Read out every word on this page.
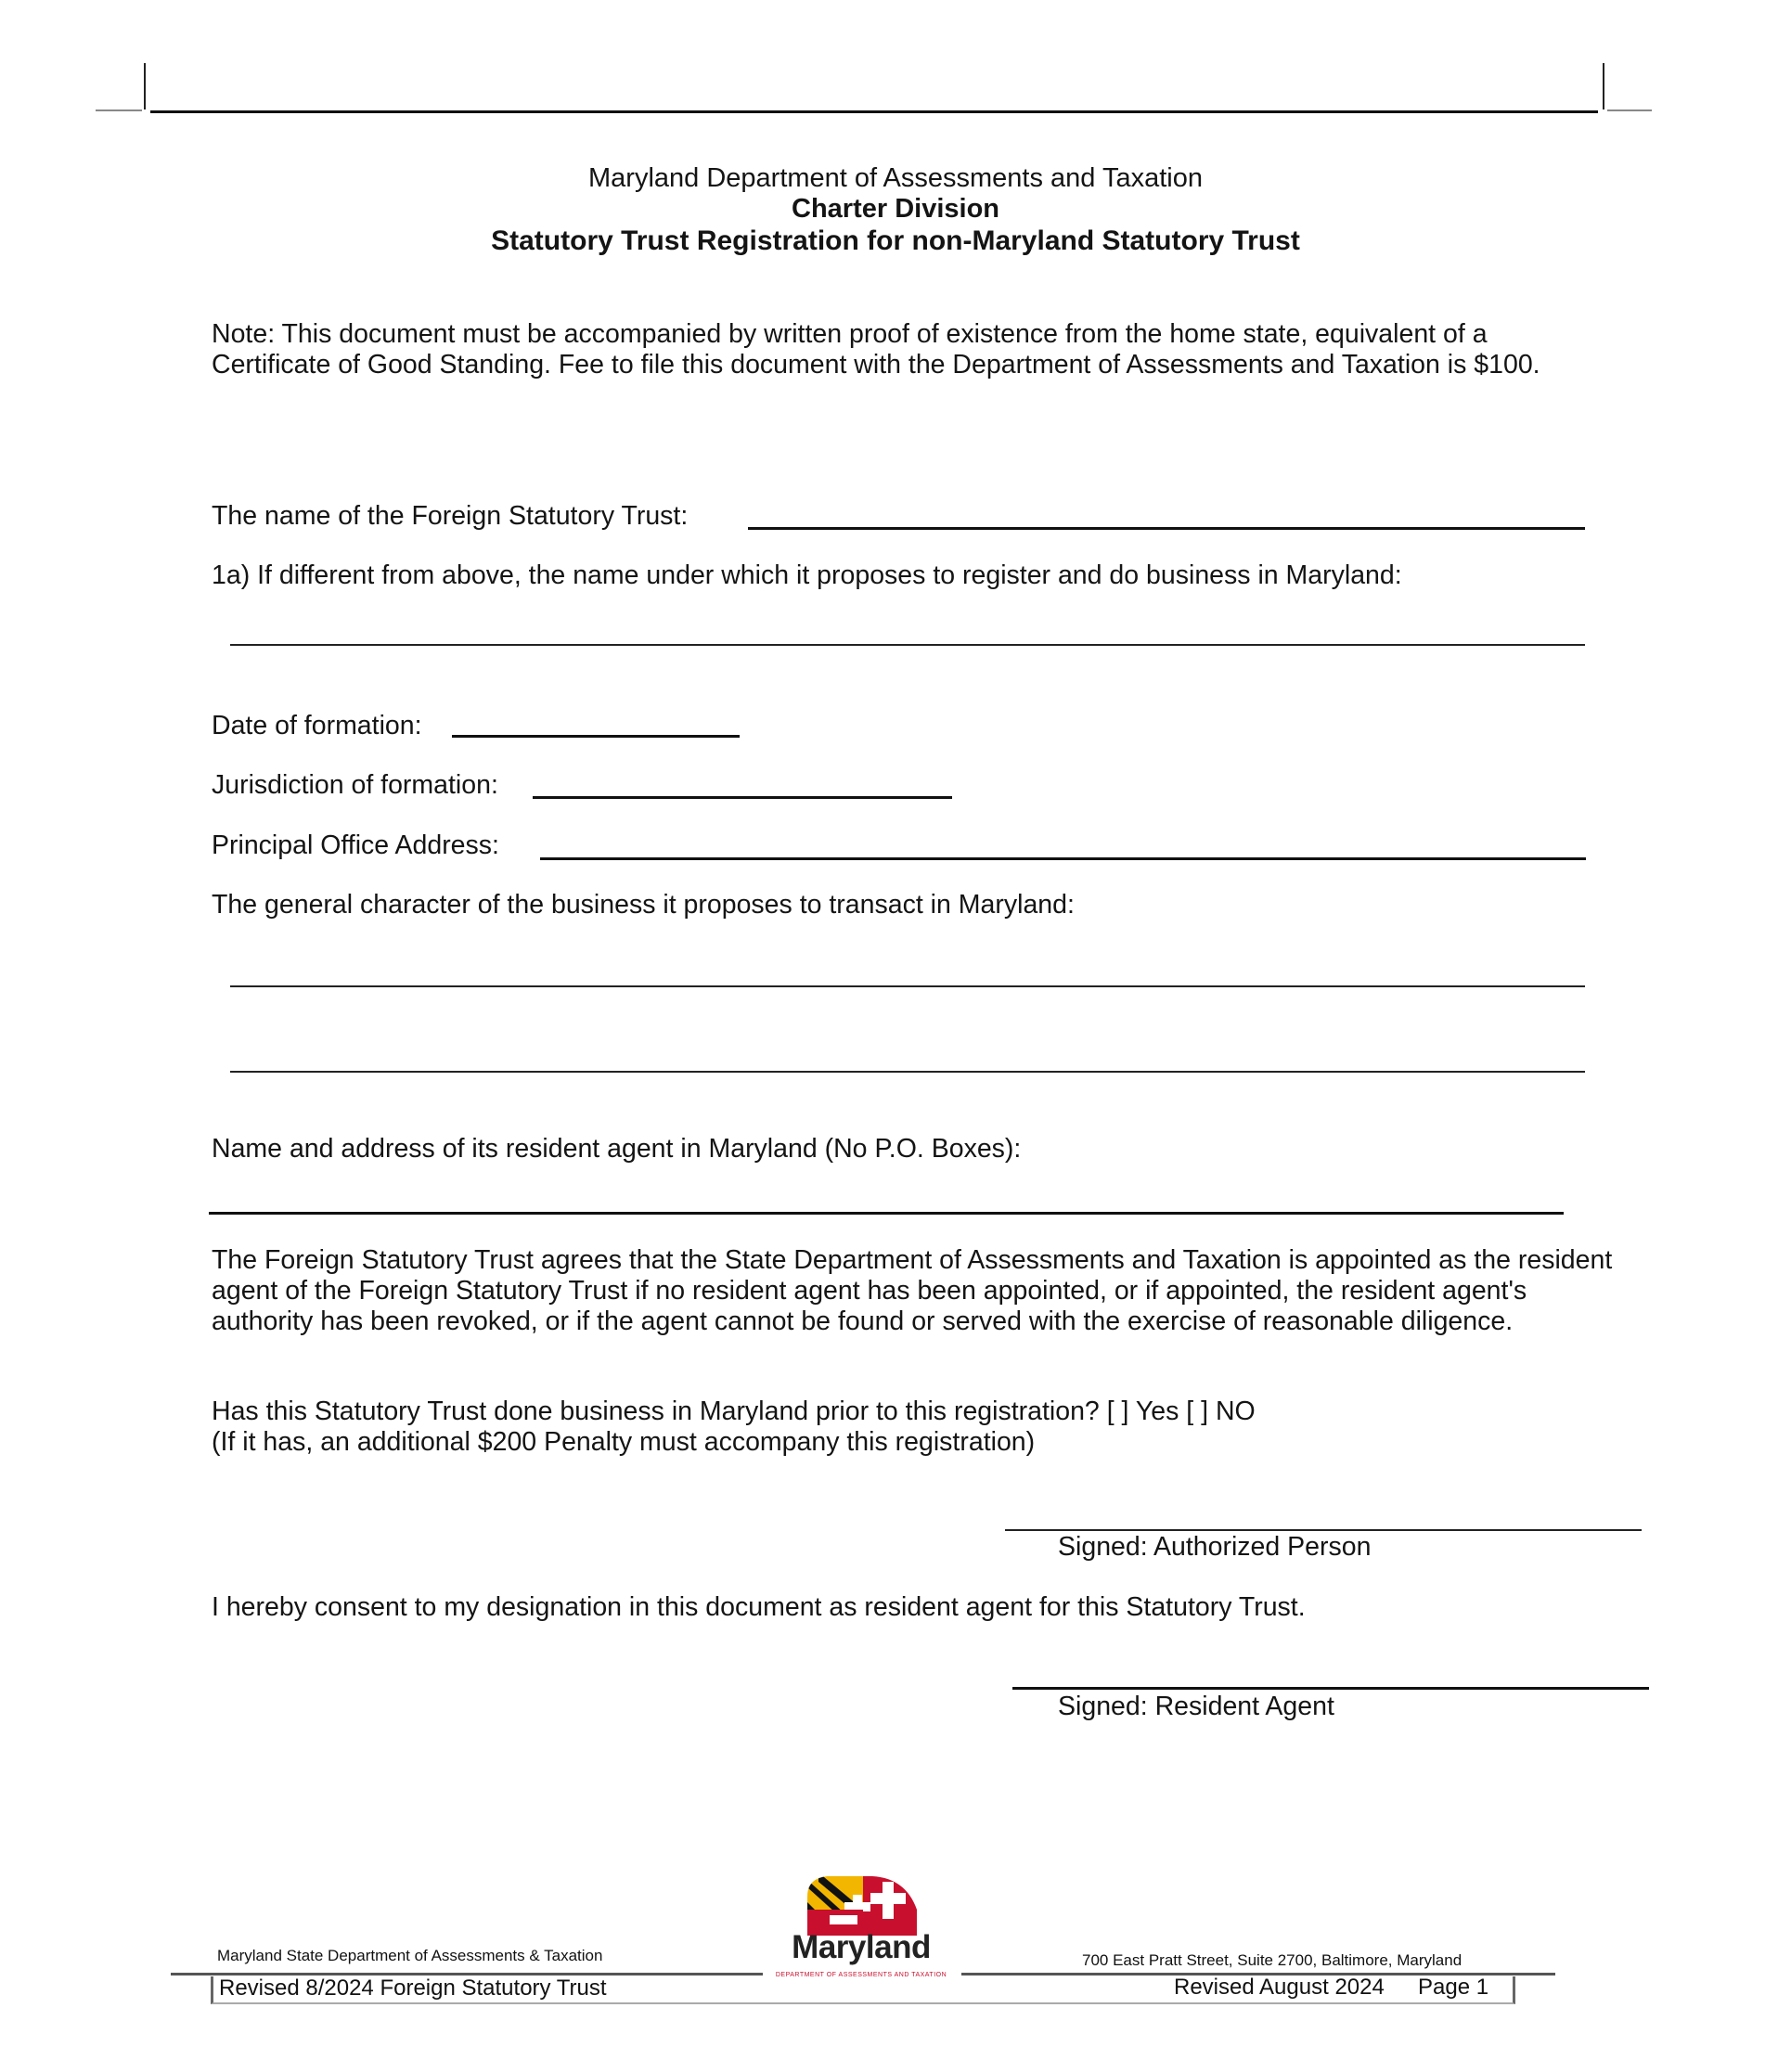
Maryland Department of Assessments and Taxation
Charter Division
Statutory Trust Registration for non-Maryland Statutory Trust
Note: This document must be accompanied by written proof of existence from the home state, equivalent of a Certificate of Good Standing. Fee to file this document with the Department of Assessments and Taxation is $100.
The name of the Foreign Statutory Trust:
1a) If different from above, the name under which it proposes to register and do business in Maryland:
Date of formation:
Jurisdiction of formation:
Principal Office Address:
The general character of the business it proposes to transact in Maryland:
Name and address of its resident agent in Maryland (No P.O. Boxes):
The Foreign Statutory Trust agrees that the State Department of Assessments and Taxation is appointed as the resident agent of the Foreign Statutory Trust if no resident agent has been appointed, or if appointed, the resident agent's authority has been revoked, or if the agent cannot be found or served with the exercise of reasonable diligence.
Has this Statutory Trust done business in Maryland prior to this registration? [ ] Yes [ ] NO
(If it has, an additional $200 Penalty must accompany this registration)
Signed: Authorized Person
I hereby consent to my designation in this document as resident agent for this Statutory Trust.
Signed: Resident Agent
Maryland State Department of Assessments & Taxation	700 East Pratt Street, Suite 2700, Baltimore, Maryland
Revised 8/2024 Foreign Statutory Trust	Revised August 2024 Page 1
Maryland
DEPARTMENT OF ASSESSMENTS AND TAXATION
